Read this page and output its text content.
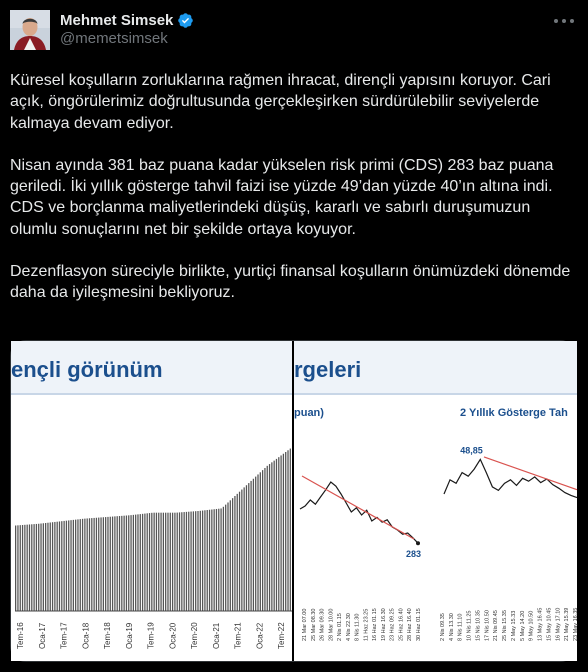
Mehmet Simsek
@memetsimsek

Küresel koşulların zorluklarına rağmen ihracat, dirençli yapısını koruyor. Cari açık, öngörülerimiz doğrultusunda gerçekleşirken sürdürülebilir seviyelerde kalmaya devam ediyor.

Nisan ayında 381 baz puana kadar yükselen risk primi (CDS) 283 baz puana geriledi. İki yıllık gösterge tahvil faizi ise yüzde 49’dan yüzde 40’ın altına indi. CDS ve borçlanma maliyetlerindeki düşüş, kararlı ve sabırlı duruşumuzun olumlu sonuçlarını net bir şekilde ortaya koyuyor.

Dezenflasyon süreciyle birlikte, yurtiçi finansal koşulların önümüzdeki dönemde daha da iyileşmesini bekliyoruz.

ençli görünüm
Tem-16 Oca-17 Tem-17 Oca-18 Tem-18 Oca-19 Tem-19 Oca-20 Tem-20 Oca-21 Tem-21 Oca-22 Tem-22
rgeleri
puan)	2 Yıllık Gösterge Tah
283
21 Mar 07.00 25 Mar 08.30 26 Mar 09.30 28 Mar 10.00 2 Nis 01.15 4 Nis 22.30 8 Nis 11.30 11 Haz 23.25 16 Haz 01.15 19 Haz 16.30 23 Haz 09.25 25 Haz 16.40 28 Haz 16.40 30 Haz 01.15
48,85
2 Nis 09.35 4 Nis 13.30 8 Nis 11.10 10 Nis 11.25 15 Nis 10.35 17 Nis 10.50 21 Nis 09.45 25 Nis 15.35 2 May 15.33 5 May 14.20 9 May 10.50 13 May 16.45 15 May 10.45 16 May 17.10 21 May 15.39 23 May 16.35
